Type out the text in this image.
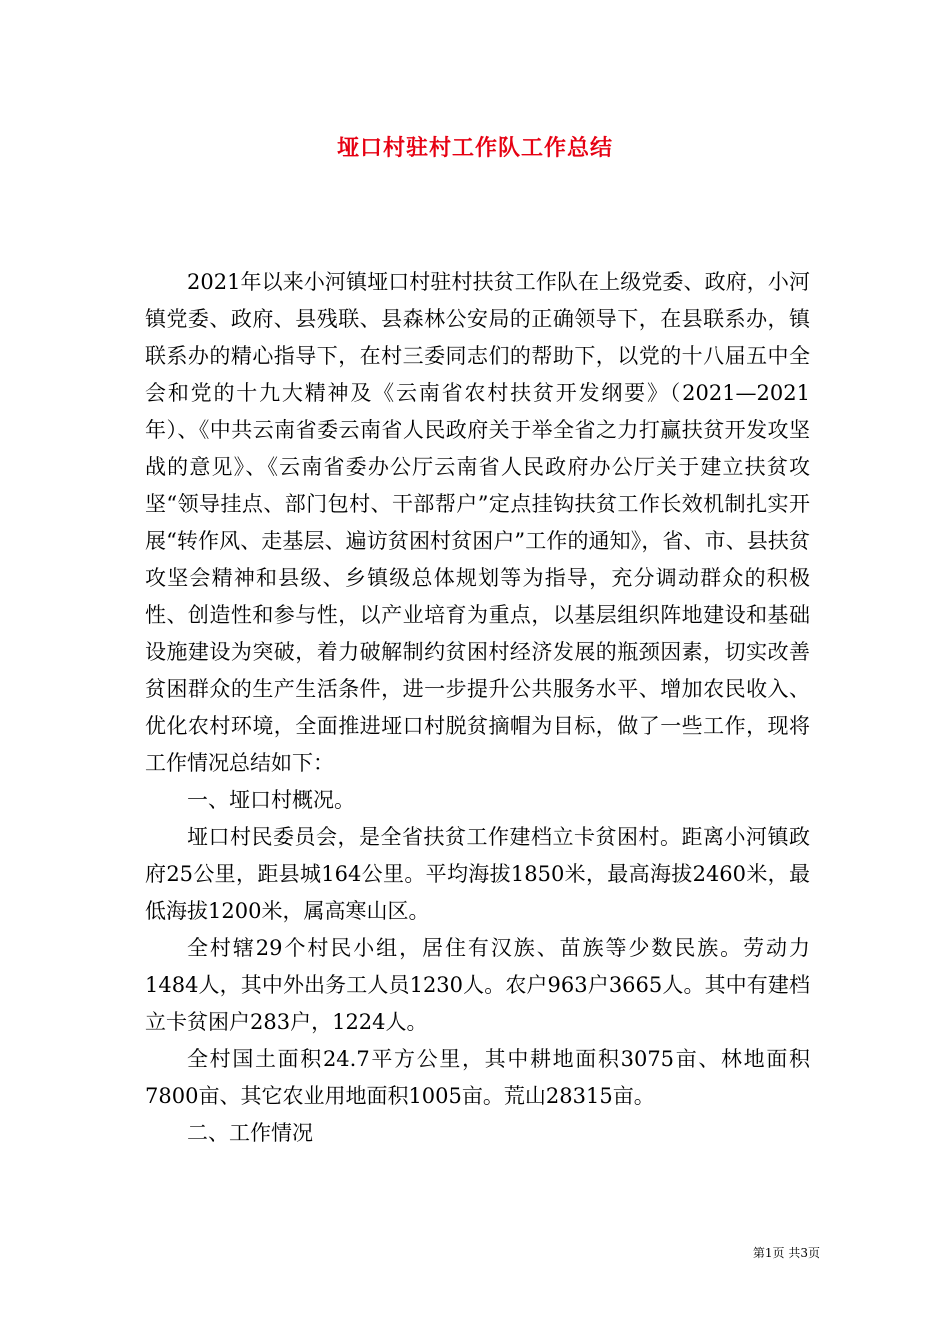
垭口村驻村工作队工作总结

2021年以来小河镇垭口村驻村扶贫工作队在上级党委、政府，小河镇党委、政府、县残联、县森林公安局的正确领导下，在县联系办，镇联系办的精心指导下，在村三委同志们的帮助下，以党的十八届五中全会和党的十九大精神及《云南省农村扶贫开发纲要》（2021—2021年）、《中共云南省委云南省人民政府关于举全省之力打赢扶贫开发攻坚战的意见》、《云南省委办公厅云南省人民政府办公厅关于建立扶贫攻坚“领导挂点、部门包村、干部帮户”定点挂钩扶贫工作长效机制扎实开展“转作风、走基层、遍访贫困村贫困户”工作的通知》，省、市、县扶贫攻坚会精神和县级、乡镇级总体规划等为指导，充分调动群众的积极性、创造性和参与性，以产业培育为重点，以基层组织阵地建设和基础设施建设为突破，着力破解制约贫困村经济发展的瓶颈因素，切实改善贫困群众的生产生活条件，进一步提升公共服务水平、增加农民收入、优化农村环境，全面推进垭口村脱贫摘帽为目标，做了一些工作，现将工作情况总结如下：

一、垭口村概况。

垭口村民委员会，是全省扶贫工作建档立卡贫困村。距离小河镇政府25公里，距县城164公里。平均海拔1850米，最高海拔2460米，最低海拔1200米，属高寒山区。

全村辖29个村民小组，居住有汉族、苗族等少数民族。劳动力1484人，其中外出务工人员1230人。农户963户3665人。其中有建档立卡贫困户283户，1224人。

全村国土面积24.7平方公里，其中耕地面积3075亩、林地面积7800亩、其它农业用地面积1005亩。荒山28315亩。

二、工作情况

第1页 共3页
